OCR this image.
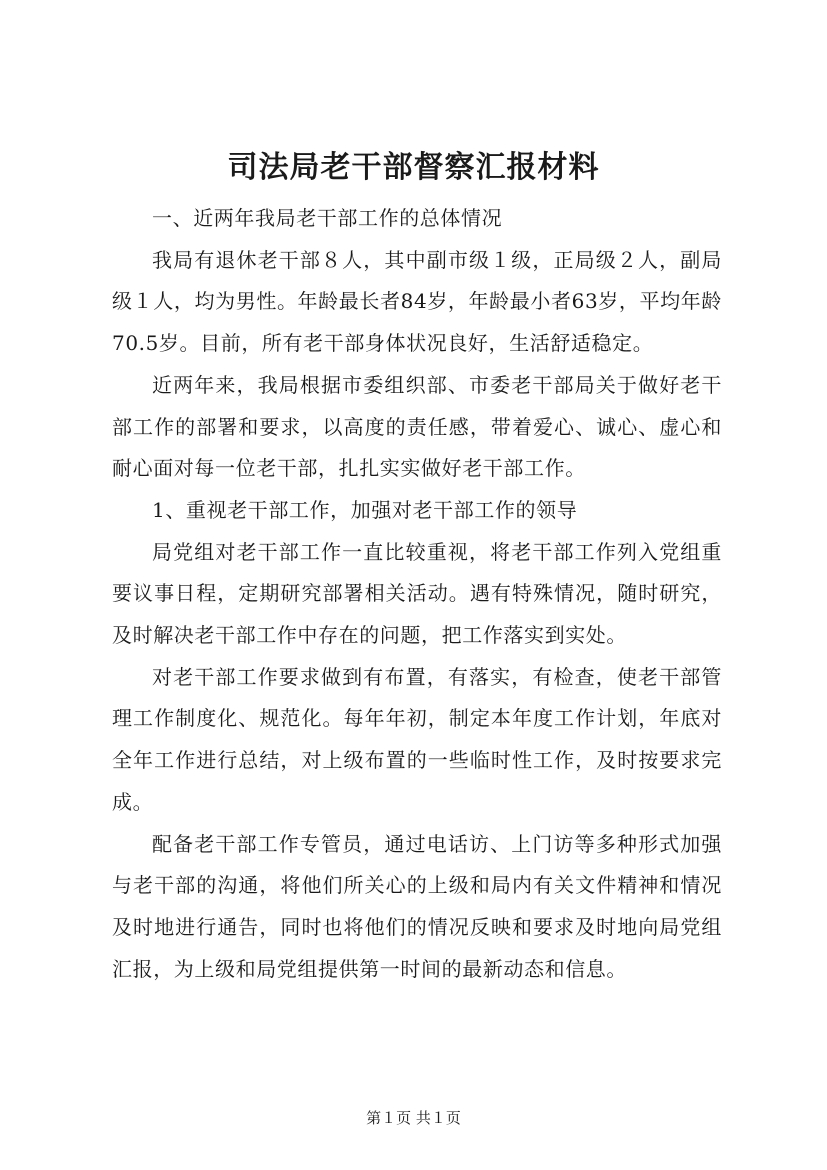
司法局老干部督察汇报材料

一、近两年我局老干部工作的总体情况

我局有退休老干部８人，其中副市级１级，正局级２人，副局级１人，均为男性。年龄最长者84岁，年龄最小者63岁，平均年龄70.5岁。目前，所有老干部身体状况良好，生活舒适稳定。

近两年来，我局根据市委组织部、市委老干部局关于做好老干部工作的部署和要求，以高度的责任感，带着爱心、诚心、虚心和耐心面对每一位老干部，扎扎实实做好老干部工作。

1、重视老干部工作，加强对老干部工作的领导

局党组对老干部工作一直比较重视，将老干部工作列入党组重要议事日程，定期研究部署相关活动。遇有特殊情况，随时研究，及时解决老干部工作中存在的问题，把工作落实到实处。

对老干部工作要求做到有布置，有落实，有检查，使老干部管理工作制度化、规范化。每年年初，制定本年度工作计划，年底对全年工作进行总结，对上级布置的一些临时性工作，及时按要求完成。

配备老干部工作专管员，通过电话访、上门访等多种形式加强与老干部的沟通，将他们所关心的上级和局内有关文件精神和情况及时地进行通告，同时也将他们的情况反映和要求及时地向局党组汇报，为上级和局党组提供第一时间的最新动态和信息。

第１页 共１页
